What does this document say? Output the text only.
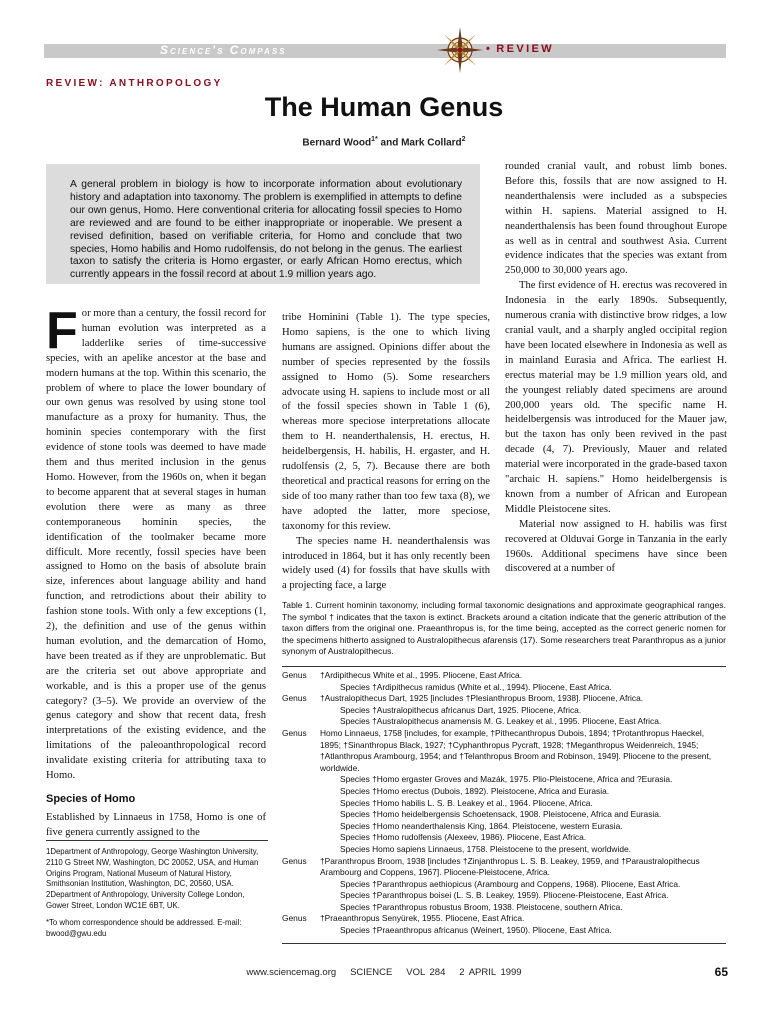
Science's Compass	• REVIEW
REVIEW: ANTHROPOLOGY
The Human Genus
Bernard Wood$^{1*}$ and Mark Collard$^2$
A general problem in biology is how to incorporate information about evolutionary history and adaptation into taxonomy. The problem is exemplified in attempts to define our own genus, Homo. Here conventional criteria for allocating fossil species to Homo are reviewed and are found to be either inappropriate or inoperable. We present a revised definition, based on verifiable criteria, for Homo and conclude that two species, Homo habilis and Homo rudolfensis, do not belong in the genus. The earliest taxon to satisfy the criteria is Homo ergaster, or early African Homo erectus, which currently appears in the fossil record at about 1.9 million years ago.
F or more than a century, the fossil record for human evolution was interpreted as a ladderlike series of time-successive species, with an apelike ancestor at the base and modern humans at the top. Within this scenario, the problem of where to place the lower boundary of our own genus was resolved by using stone tool manufacture as a proxy for humanity. Thus, the hominin species contemporary with the first evidence of stone tools was deemed to have made them and thus merited inclusion in the genus Homo. However, from the 1960s on, when it began to become apparent that at several stages in human evolution there were as many as three contemporaneous hominin species, the identification of the toolmaker became more difficult. More recently, fossil species have been assigned to Homo on the basis of absolute brain size, inferences about language ability and hand function, and retrodictions about their ability to fashion stone tools. With only a few exceptions (1, 2), the definition and use of the genus within human evolution, and the demarcation of Homo, have been treated as if they are unproblematic. But are the criteria set out above appropriate and workable, and is this a proper use of the genus category? (3–5). We provide an overview of the genus category and show that recent data, fresh interpretations of the existing evidence, and the limitations of the paleoanthropological record invalidate existing criteria for attributing taxa to Homo.

Species of Homo

Established by Linnaeus in 1758, Homo is one of five genera currently assigned to the

1Department of Anthropology, George Washington University, 2110 G Street NW, Washington, DC 20052, USA, and Human Origins Program, National Museum of Natural History, Smithsonian Institution, Washington, DC, 20560, USA. 2Department of Anthropology, University College London, Gower Street, London WC1E 6BT, UK.

*To whom correspondence should be addressed. E-mail: bwood@gwu.edu

tribe Hominini (Table 1). The type species, Homo sapiens, is the one to which living humans are assigned. Opinions differ about the number of species represented by the fossils assigned to Homo (5). Some researchers advocate using H. sapiens to include most or all of the fossil species shown in Table 1 (6), whereas more speciose interpretations allocate them to H. neanderthalensis, H. erectus, H. heidelbergensis, H. habilis, H. ergaster, and H. rudolfensis (2, 5, 7). Because there are both theoretical and practical reasons for erring on the side of too many rather than too few taxa (8), we have adopted the latter, more speciose, taxonomy for this review.

The species name H. neanderthalensis was introduced in 1864, but it has only recently been widely used (4) for fossils that have skulls with a projecting face, a large

rounded cranial vault, and robust limb bones. Before this, fossils that are now assigned to H. neanderthalensis were included as a subspecies within H. sapiens. Material assigned to H. neanderthalensis has been found throughout Europe as well as in central and southwest Asia. Current evidence indicates that the species was extant from 250,000 to 30,000 years ago.

The first evidence of H. erectus was recovered in Indonesia in the early 1890s. Subsequently, numerous crania with distinctive brow ridges, a low cranial vault, and a sharply angled occipital region have been located elsewhere in Indonesia as well as in mainland Eurasia and Africa. The earliest H. erectus material may be 1.9 million years old, and the youngest reliably dated specimens are around 200,000 years old. The specific name H. heidelbergensis was introduced for the Mauer jaw, but the taxon has only been revived in the past decade (4, 7). Previously, Mauer and related material were incorporated in the grade-based taxon "archaic H. sapiens." Homo heidelbergensis is known from a number of African and European Middle Pleistocene sites.

Material now assigned to H. habilis was first recovered at Olduvai Gorge in Tanzania in the early 1960s. Additional specimens have since been discovered at a number of

Table 1. Current hominin taxonomy, including formal taxonomic designations and approximate geographical ranges. The symbol † indicates that the taxon is extinct. Brackets around a citation indicate that the generic attribution of the taxon differs from the original one. Praeanthropus is, for the time being, accepted as the correct generic nomen for the specimens hitherto assigned to Australopithecus afarensis (17). Some researchers treat Paranthropus as a junior synonym of Australopithecus.
Genus	†Ardipithecus White et al., 1995. Pliocene, East Africa.
Species †Ardipithecus ramidus (White et al., 1994). Pliocene, East Africa.
Genus	†Australopithecus Dart, 1925 [includes †Plesianthropus Broom, 1938]. Pliocene, Africa.
Species †Australopithecus africanus Dart, 1925. Pliocene, Africa.
Species †Australopithecus anamensis M. G. Leakey et al., 1995. Pliocene, East Africa.
Genus	Homo Linnaeus, 1758 [includes, for example, †Pithecanthropus Dubois, 1894; †Protanthropus Haeckel, 1895; †Sinanthropus Black, 1927; †Cyphanthropus Pycraft, 1928; †Meganthropus Weidenreich, 1945; †Atlanthropus Arambourg, 1954; and †Telanthropus Broom and Robinson, 1949]. Pliocene to the present, worldwide.
Species †Homo ergaster Groves and Mazák, 1975. Plio-Pleistocene, Africa and ?Eurasia.
Species †Homo erectus (Dubois, 1892). Pleistocene, Africa and Eurasia.
Species †Homo habilis L. S. B. Leakey et al., 1964. Pliocene, Africa.
Species †Homo heidelbergensis Schoetensack, 1908. Pleistocene, Africa and Eurasia.
Species †Homo neanderthalensis King, 1864. Pleistocene, western Eurasia.
Species †Homo rudolfensis (Alexeev, 1986). Pliocene, East Africa.
Species Homo sapiens Linnaeus, 1758. Pleistocene to the present, worldwide.
Genus	†Paranthropus Broom, 1938 [includes †Zinjanthropus L. S. B. Leakey, 1959, and †Paraustralopithecus Arambourg and Coppens, 1967]. Pliocene-Pleistocene, Africa.
Species †Paranthropus aethiopicus (Arambourg and Coppens, 1968). Pliocene, East Africa.
Species †Paranthropus boisei (L. S. B. Leakey, 1959). Pliocene-Pleistocene, East Africa.
Species †Paranthropus robustus Broom, 1938. Pleistocene, southern Africa.
Genus	†Praeanthropus Senyürek, 1955. Pliocene, East Africa.
Species †Praeanthropus africanus (Weinert, 1950). Pliocene, East Africa.
www.sciencemag.org   SCIENCE   VOL 284   2 APRIL 1999	65
